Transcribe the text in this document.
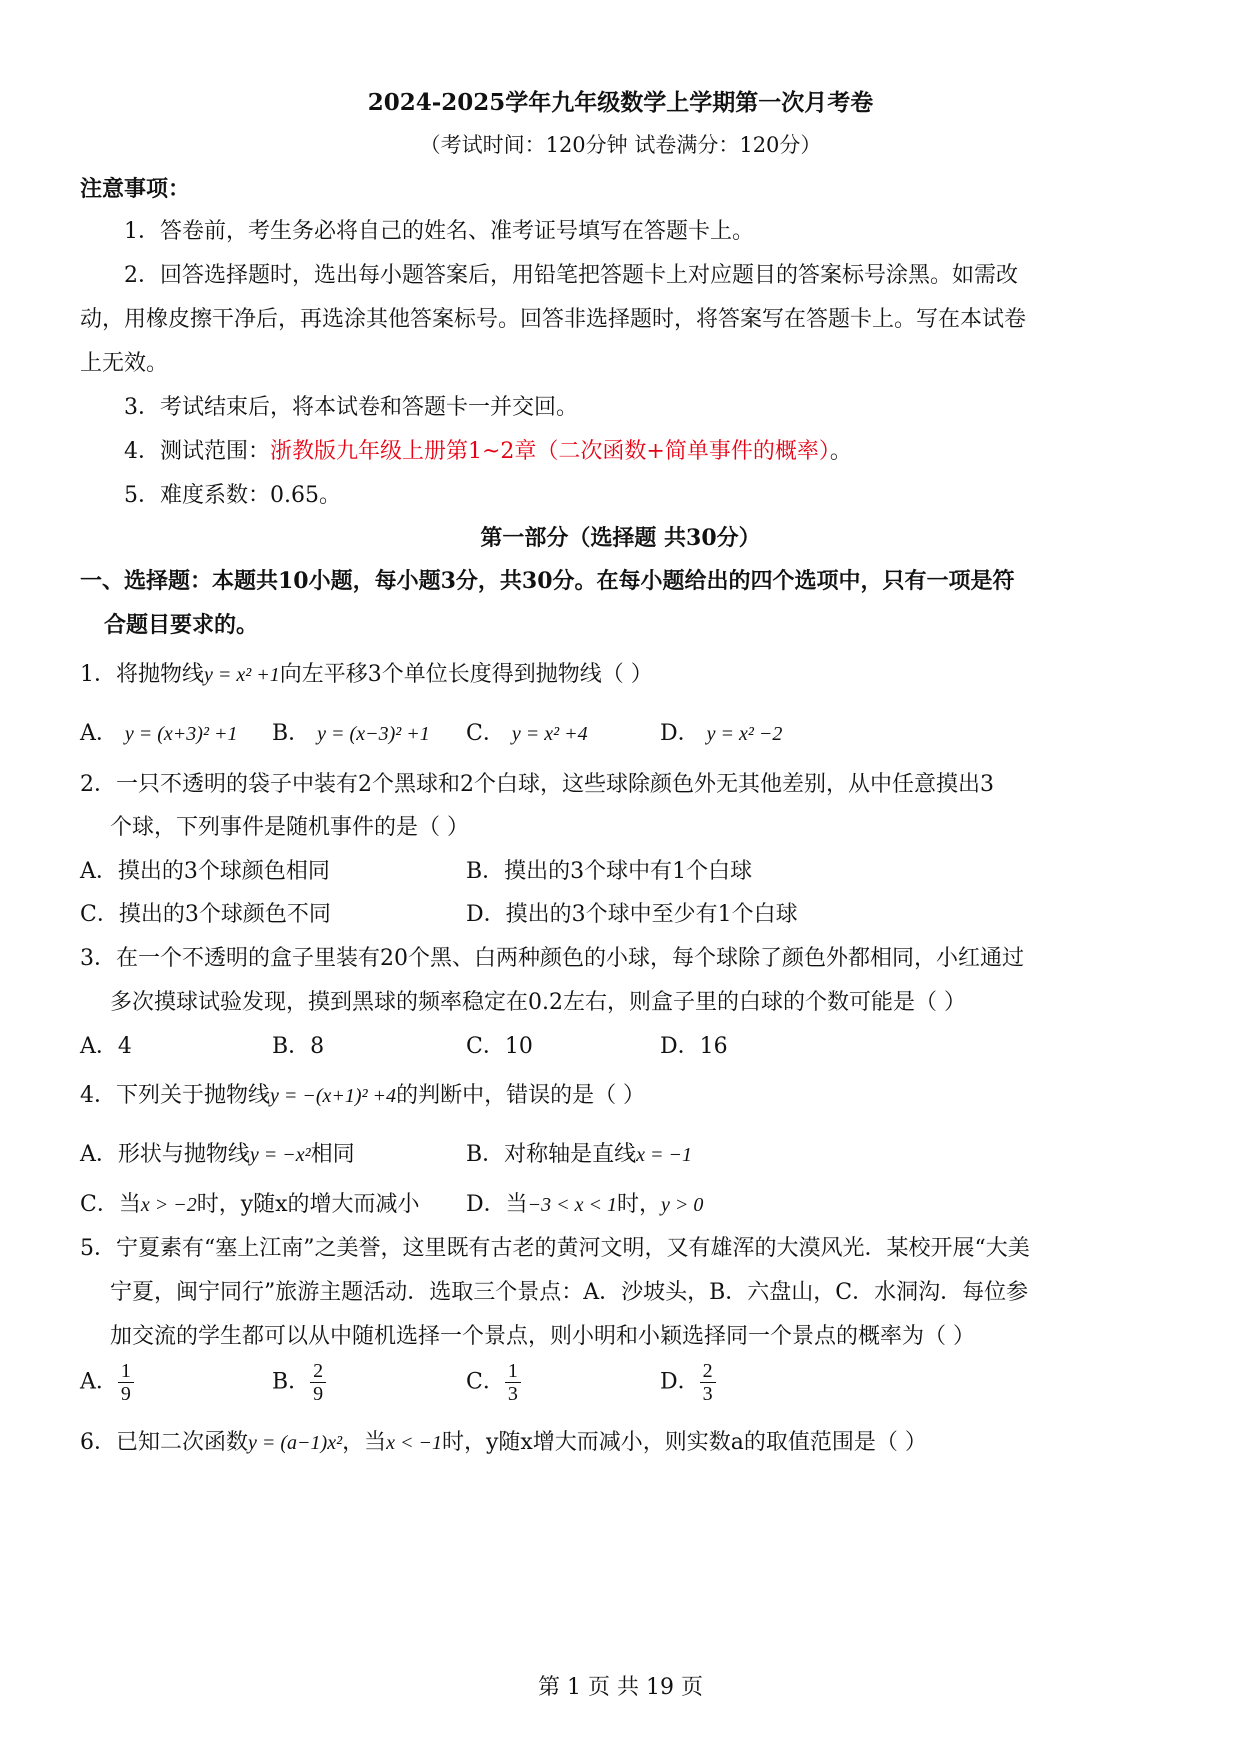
2024-2025学年九年级数学上学期第一次月考卷
（考试时间：120分钟 试卷满分：120分）
注意事项：
1．答卷前，考生务必将自己的姓名、准考证号填写在答题卡上。
2．回答选择题时，选出每小题答案后，用铅笔把答题卡上对应题目的答案标号涂黑。如需改
动，用橡皮擦干净后，再选涂其他答案标号。回答非选择题时，将答案写在答题卡上。写在本试卷
上无效。
3．考试结束后，将本试卷和答题卡一并交回。
4．测试范围：浙教版九年级上册第1~2章（二次函数+简单事件的概率）。
5．难度系数：0.65。
第一部分（选择题 共30分）
一、选择题：本题共10小题，每小题3分，共30分。在每小题给出的四个选项中，只有一项是符
合题目要求的。
1．将抛物线y = x² +1向左平移3个单位长度得到抛物线（ ）
A． y = (x+3)² +1 B． y = (x−3)² +1 C． y = x² +4	D． y = x² −2
2．一只不透明的袋子中装有2个黑球和2个白球，这些球除颜色外无其他差别，从中任意摸出3
个球，下列事件是随机事件的是（ ）
A．摸出的3个球颜色相同	B．摸出的3个球中有1个白球
C．摸出的3个球颜色不同	D．摸出的3个球中至少有1个白球
3．在一个不透明的盒子里装有20个黑、白两种颜色的小球，每个球除了颜色外都相同，小红通过
多次摸球试验发现，摸到黑球的频率稳定在0.2左右，则盒子里的白球的个数可能是（ ）
A．4	B．8	C．10	D．16
4．下列关于抛物线y = −(x+1)² +4的判断中，错误的是（ ）
A．形状与抛物线y = −x²相同	B．对称轴是直线x = −1
C．当x > −2时，y随x的增大而减小 D．当−3 < x < 1时，y > 0
5．宁夏素有“塞上江南”之美誉，这里既有古老的黄河文明，又有雄浑的大漠风光．某校开展“大美
宁夏，闽宁同行”旅游主题活动．选取三个景点：A．沙坡头，B．六盘山，C．水洞沟．每位参
加交流的学生都可以从中随机选择一个景点，则小明和小颖选择同一个景点的概率为（ ）
A． $\frac{1}{9}$	B． $\frac{2}{9}$	C． $\frac{1}{3}$	D． $\frac{2}{3}$
6．已知二次函数y = (a−1)x²，当x < −1时，y随x增大而减小，则实数a的取值范围是（ ）
第 1 页 共 19 页
